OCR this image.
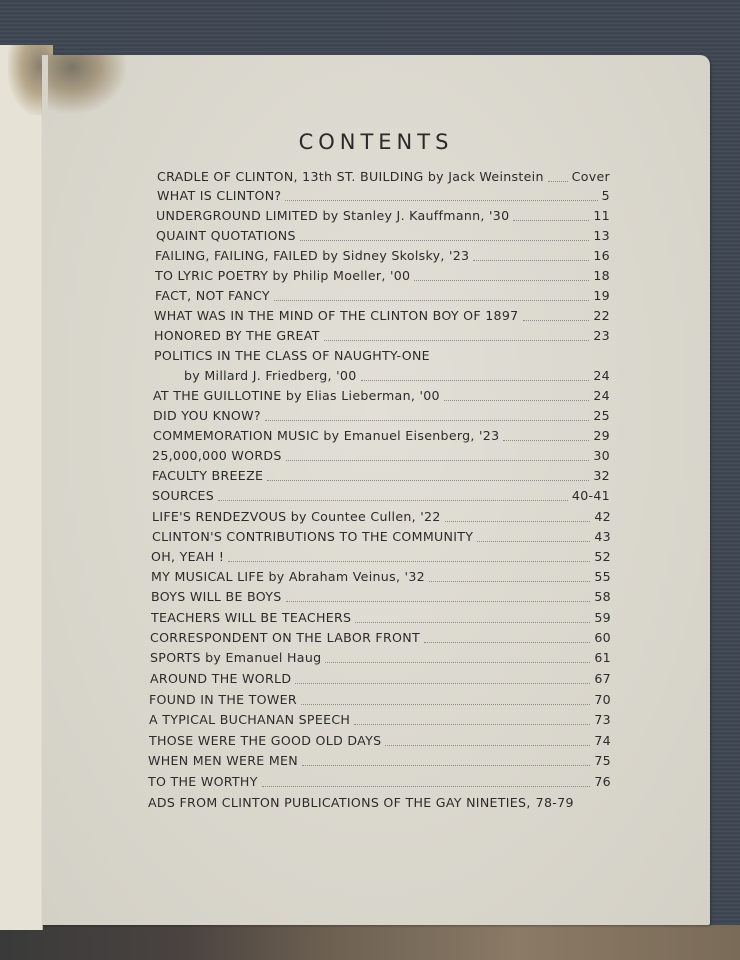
CONTENTS
CRADLE OF CLINTON, 13th ST. BUILDING by Jack Weinstein Cover
WHAT IS CLINTON?	5
UNDERGROUND LIMITED by Stanley J. Kauffmann, '30	11
QUAINT QUOTATIONS	13
FAILING, FAILING, FAILED by Sidney Skolsky, '23	16
TO LYRIC POETRY by Philip Moeller, '00	18
FACT, NOT FANCY	19
WHAT WAS IN THE MIND OF THE CLINTON BOY OF 1897	22
HONORED BY THE GREAT	23
POLITICS IN THE CLASS OF NAUGHTY-ONE
by Millard J. Friedberg, '00	24
AT THE GUILLOTINE by Elias Lieberman, '00	24
DID YOU KNOW?	25
COMMEMORATION MUSIC by Emanuel Eisenberg, '23	29
25,000,000 WORDS	30
FACULTY BREEZE	32
SOURCES	40-41
LIFE'S RENDEZVOUS by Countee Cullen, '22	42
CLINTON'S CONTRIBUTIONS TO THE COMMUNITY	43
OH, YEAH !	52
MY MUSICAL LIFE by Abraham Veinus, '32	55
BOYS WILL BE BOYS	58
TEACHERS WILL BE TEACHERS	59
CORRESPONDENT ON THE LABOR FRONT	60
SPORTS by Emanuel Haug	61
AROUND THE WORLD	67
FOUND IN THE TOWER	70
A TYPICAL BUCHANAN SPEECH	73
THOSE WERE THE GOOD OLD DAYS	74
WHEN MEN WERE MEN	75
TO THE WORTHY	76
ADS FROM CLINTON PUBLICATIONS OF THE GAY NINETIES, 78-79
